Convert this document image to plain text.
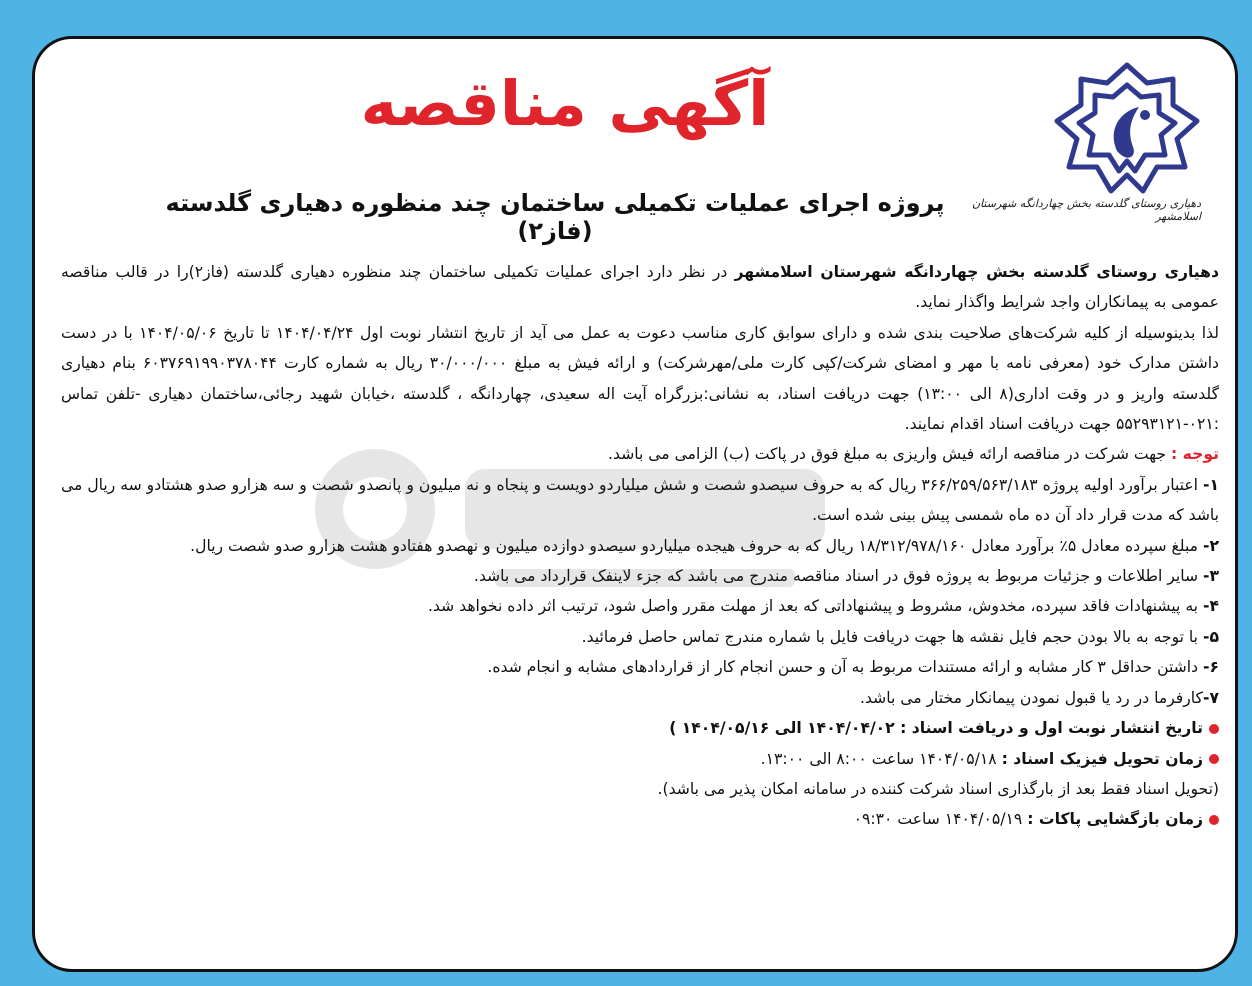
آگهی مناقصه
دهیاری روستای گلدسته بخش چهاردانگه شهرستان اسلامشهر
پروژه اجرای عملیات تکمیلی ساختمان چند منظوره دهیاری گلدسته (فاز۲)

دهیاری روستای گلدسته بخش چهاردانگه شهرستان اسلامشهر در نظر دارد اجرای عملیات تکمیلی ساختمان چند منظوره دهیاری گلدسته (فاز۲)را در قالب مناقصه عمومی به پیمانکاران واجد شرایط واگذار نماید.

لذا بدینوسیله از کلیه شرکت‌های صلاحیت بندی شده و دارای سوابق کاری مناسب دعوت به عمل می آید از تاریخ انتشار نوبت اول ۱۴۰۴/۰۴/۲۴ تا تاریخ ۱۴۰۴/۰۵/۰۶ با در دست داشتن مدارک خود (معرفی نامه با مهر و امضای شرکت/کپی کارت ملی/مهرشرکت) و ارائه فیش به مبلغ ۳۰/۰۰۰/۰۰۰ ریال به شماره کارت ۶۰۳۷۶۹۱۹۹۰۳۷۸۰۴۴ بنام دهیاری گلدسته واریز و در وقت اداری(۸ الی ۱۳:۰۰) جهت دریافت اسناد، به نشانی:بزرگراه آیت اله سعیدی، چهاردانگه ، گلدسته ،خیابان شهید رجائی،ساختمان دهیاری -تلفن تماس :۰۲۱-۵۵۲۹۳۱۲۱ جهت دریافت اسناد اقدام نمایند.

توجه : جهت شرکت در مناقصه ارائه فیش واریزی به مبلغ فوق در پاکت (ب) الزامی می باشد.

۱- اعتبار برآورد اولیه پروژه ۳۶۶/۲۵۹/۵۶۳/۱۸۳ ریال که به حروف سیصدو شصت و شش میلیاردو دویست و پنجاه و نه میلیون و پانصدو شصت و سه هزارو صدو هشتادو سه ریال می باشد که مدت قرار داد آن ده ماه شمسی پیش بینی شده است.

۲- مبلغ سپرده معادل ۵٪ برآورد معادل ۱۸/۳۱۲/۹۷۸/۱۶۰ ریال که به حروف هیجده میلیاردو سیصدو دوازده میلیون و نهصدو هفتادو هشت هزارو صدو شصت ریال.

۳- سایر اطلاعات و جزئیات مربوط به پروژه فوق در اسناد مناقصه مندرج می باشد که جزء لاینفک قرارداد می باشد.

۴- به پیشنهادات فاقد سپرده، مخدوش، مشروط و پیشنهاداتی که بعد از مهلت مقرر واصل شود، ترتیب اثر داده نخواهد شد.

۵- با توجه به بالا بودن حجم فایل نقشه ها جهت دریافت فایل با شماره مندرج تماس حاصل فرمائید.

۶- داشتن حداقل ۳ کار مشابه و ارائه مستندات مربوط به آن و حسن انجام کار از قراردادهای مشابه و انجام شده.

۷-کارفرما در رد یا قبول نمودن پیمانکار مختار می باشد.

تاریخ انتشار نوبت اول و دریافت اسناد : ۱۴۰۴/۰۴/۰۲ الی ۱۴۰۴/۰۵/۱۶ )

زمان تحویل فیزیک اسناد : ۱۴۰۴/۰۵/۱۸ ساعت ۸:۰۰ الی ۱۳:۰۰.

(تحویل اسناد فقط بعد از بارگذاری اسناد شرکت کننده در سامانه امکان پذیر می باشد).

زمان بازگشایی پاکات : ۱۴۰۴/۰۵/۱۹ ساعت ۰۹:۳۰
